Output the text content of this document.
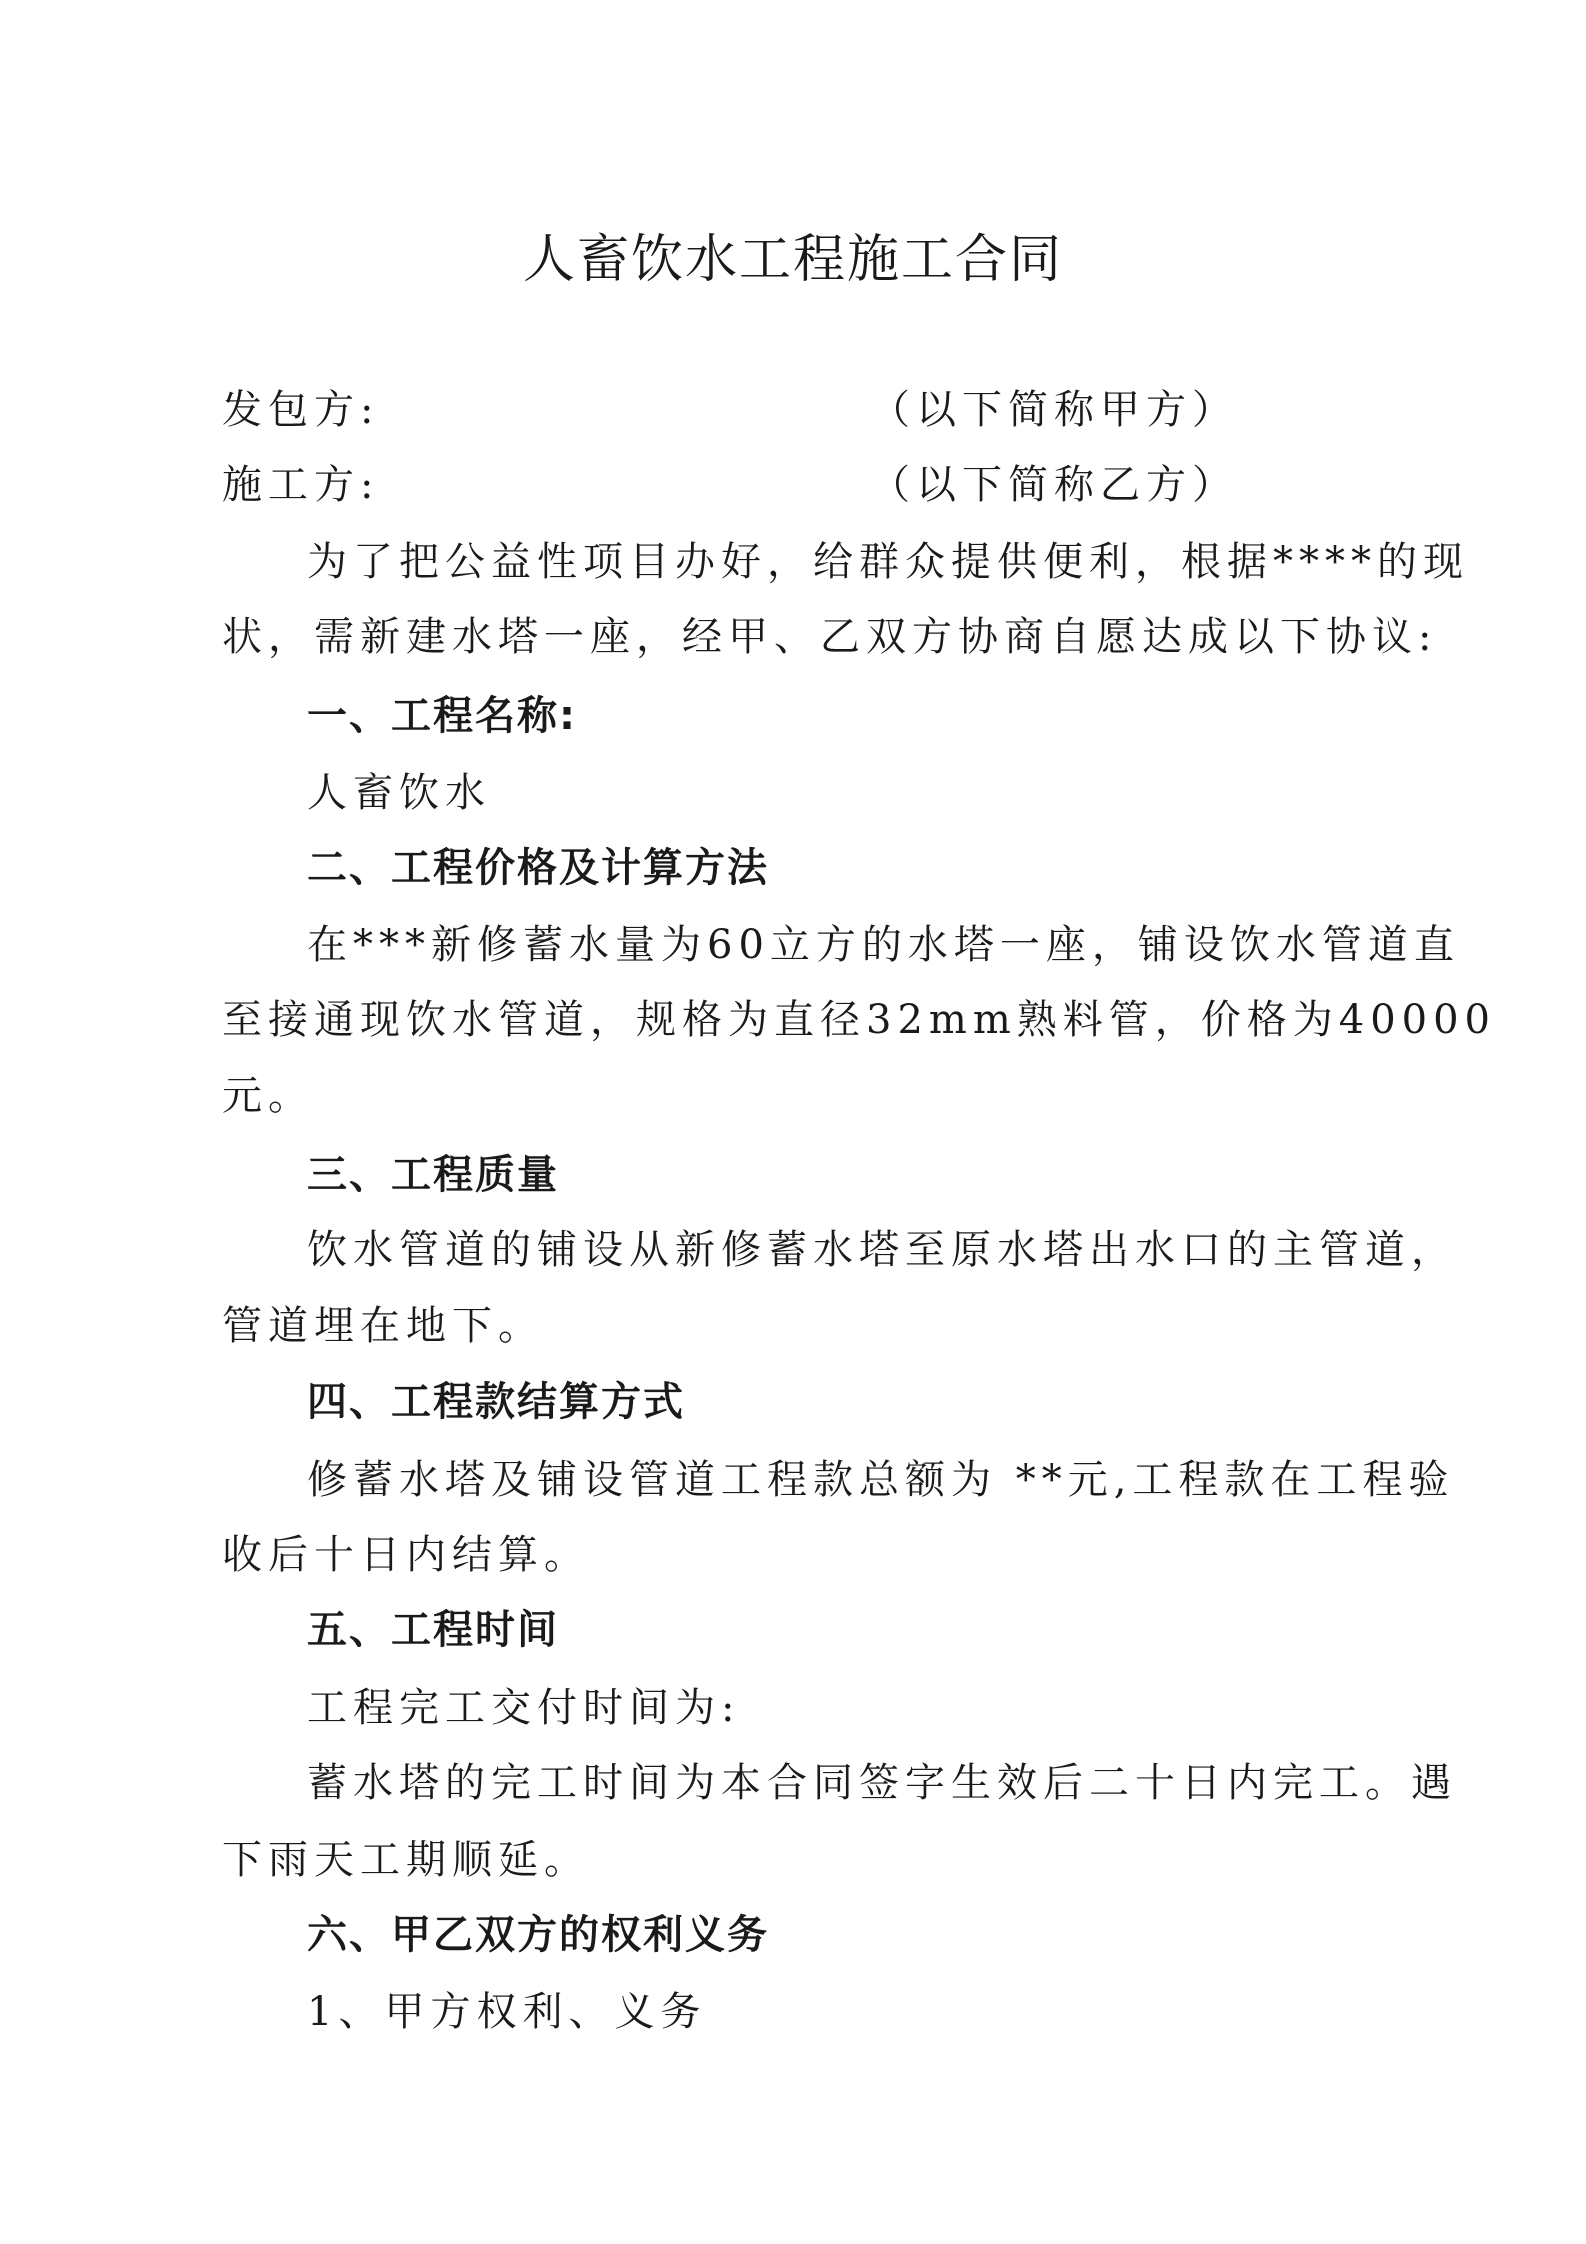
人畜饮水工程施工合同
发包方:	（以下简称甲方）
施工方:	（以下简称乙方）
为了把公益性项目办好，给群众提供便利，根据****的现
状，需新建水塔一座，经甲、乙双方协商自愿达成以下协议:
一、工程名称:
人畜饮水
二、工程价格及计算方法
在***新修蓄水量为60立方的水塔一座，铺设饮水管道直
至接通现饮水管道，规格为直径32mm熟料管，价格为40000
元。
三、工程质量
饮水管道的铺设从新修蓄水塔至原水塔出水口的主管道，
管道埋在地下。
四、工程款结算方式
修蓄水塔及铺设管道工程款总额为 **元,工程款在工程验
收后十日内结算。
五、工程时间
工程完工交付时间为:
蓄水塔的完工时间为本合同签字生效后二十日内完工。遇
下雨天工期顺延。
六、甲乙双方的权利义务
1、甲方权利、义务
